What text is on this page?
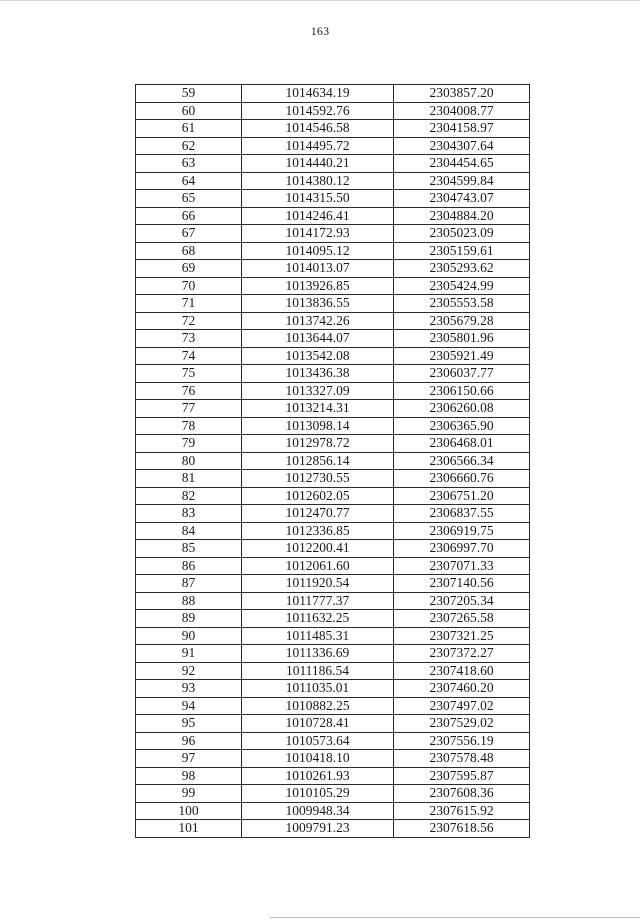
163
59	1014634.19	2303857.20
60	1014592.76	2304008.77
61	1014546.58	2304158.97
62	1014495.72	2304307.64
63	1014440.21	2304454.65
64	1014380.12	2304599.84
65	1014315.50	2304743.07
66	1014246.41	2304884.20
67	1014172.93	2305023.09
68	1014095.12	2305159.61
69	1014013.07	2305293.62
70	1013926.85	2305424.99
71	1013836.55	2305553.58
72	1013742.26	2305679.28
73	1013644.07	2305801.96
74	1013542.08	2305921.49
75	1013436.38	2306037.77
76	1013327.09	2306150.66
77	1013214.31	2306260.08
78	1013098.14	2306365.90
79	1012978.72	2306468.01
80	1012856.14	2306566.34
81	1012730.55	2306660.76
82	1012602.05	2306751.20
83	1012470.77	2306837.55
84	1012336.85	2306919.75
85	1012200.41	2306997.70
86	1012061.60	2307071.33
87	1011920.54	2307140.56
88	1011777.37	2307205.34
89	1011632.25	2307265.58
90	1011485.31	2307321.25
91	1011336.69	2307372.27
92	1011186.54	2307418.60
93	1011035.01	2307460.20
94	1010882.25	2307497.02
95	1010728.41	2307529.02
96	1010573.64	2307556.19
97	1010418.10	2307578.48
98	1010261.93	2307595.87
99	1010105.29	2307608.36
100	1009948.34	2307615.92
101	1009791.23	2307618.56
